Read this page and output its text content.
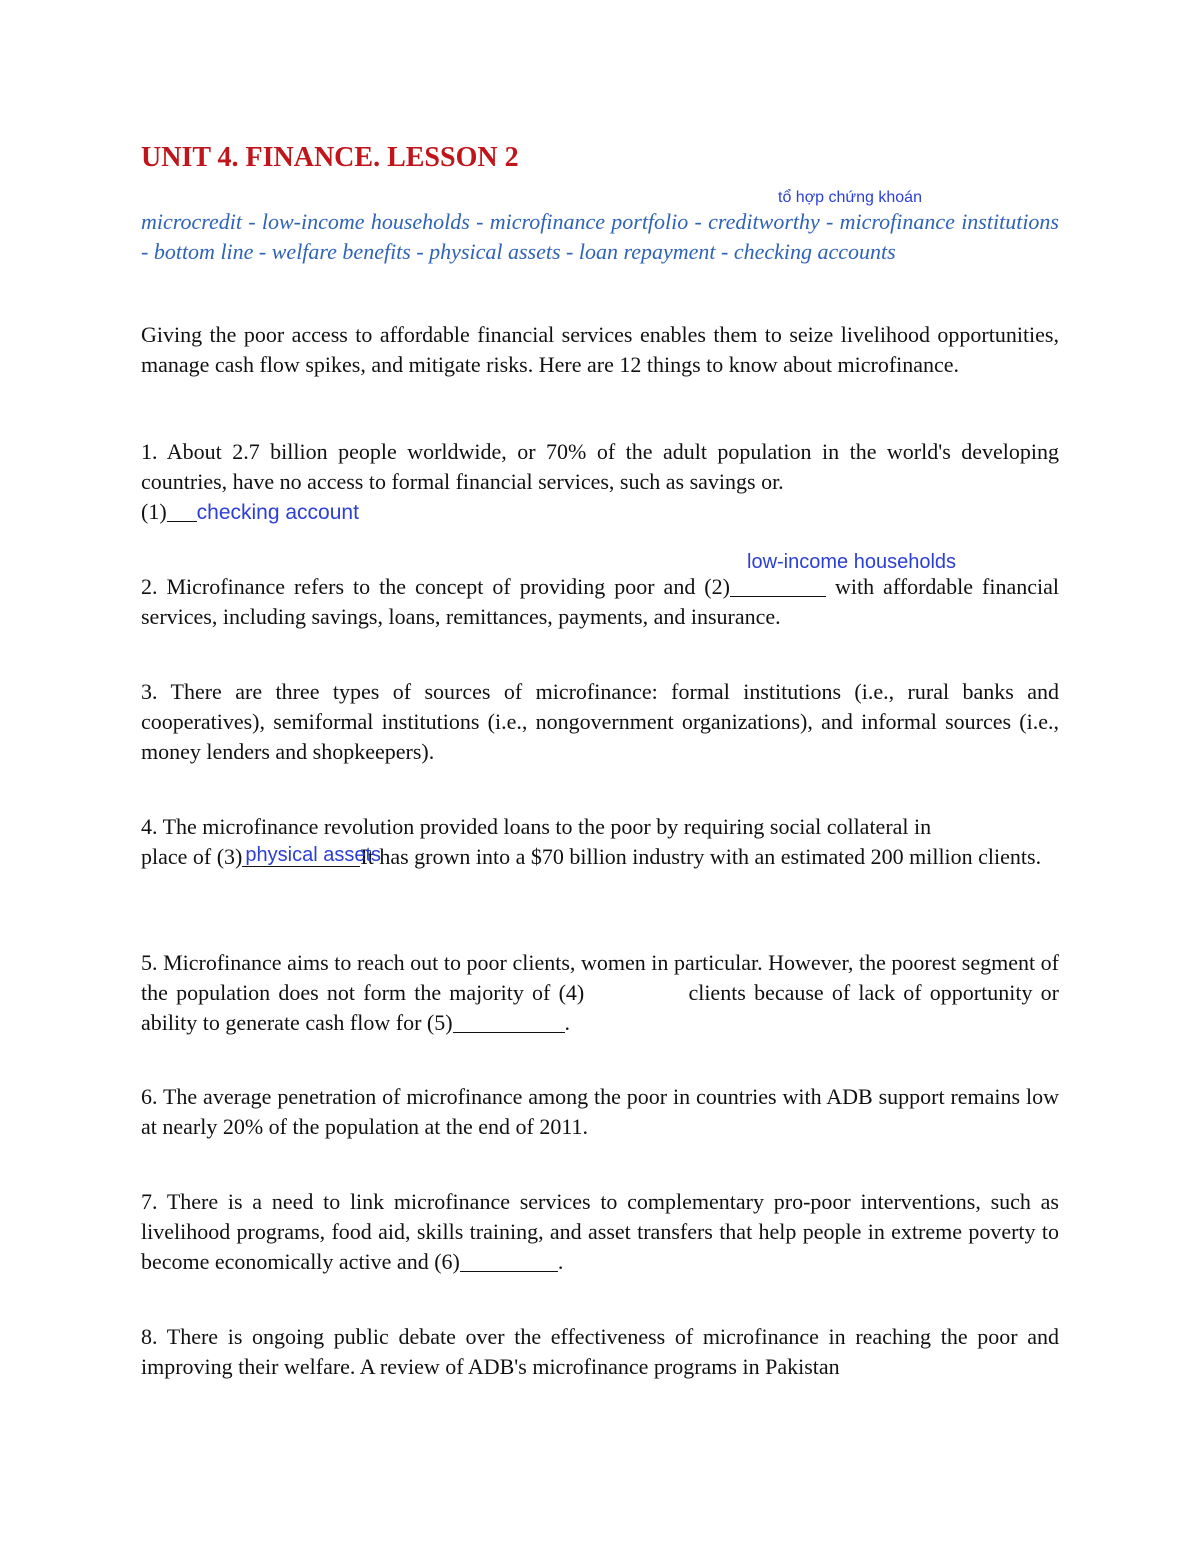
UNIT 4. FINANCE. LESSON 2
tổ hợp chứng khoán

microcredit - low-income households - microfinance portfolio - creditworthy - microfinance institutions - bottom line - welfare benefits - physical assets - loan repayment - checking accounts

Giving the poor access to affordable financial services enables them to seize livelihood opportunities, manage cash flow spikes, and mitigate risks. Here are 12 things to know about microfinance.

1. About 2.7 billion people worldwide, or 70% of the adult population in the world's developing countries, have no access to formal financial services, such as savings or.
(1) checking account

low-income households

2. Microfinance refers to the concept of providing poor and (2)	with affordable financial services, including savings, loans, remittances, payments, and insurance.

3. There are three types of sources of microfinance: formal institutions (i.e., rural banks and cooperatives), semiformal institutions (i.e., nongovernment organizations), and informal sources (i.e., money lenders and shopkeepers).

4. The microfinance revolution provided loans to the poor by requiring social collateral in
place of (3) physical assets
It has grown into a $70 billion industry with an estimated 200 million clients.

5. Microfinance aims to reach out to poor clients, women in particular. However, the poorest segment of the population does not form the majority of (4)	clients because of lack of opportunity or ability to generate cash flow for (5)	.

6. The average penetration of microfinance among the poor in countries with ADB support remains low at nearly 20% of the population at the end of 2011.

7. There is a need to link microfinance services to complementary pro-poor interventions, such as livelihood programs, food aid, skills training, and asset transfers that help people in extreme poverty to become economically active and (6)	.

8. There is ongoing public debate over the effectiveness of microfinance in reaching the poor and improving their welfare. A review of ADB's microfinance programs in Pakistan
